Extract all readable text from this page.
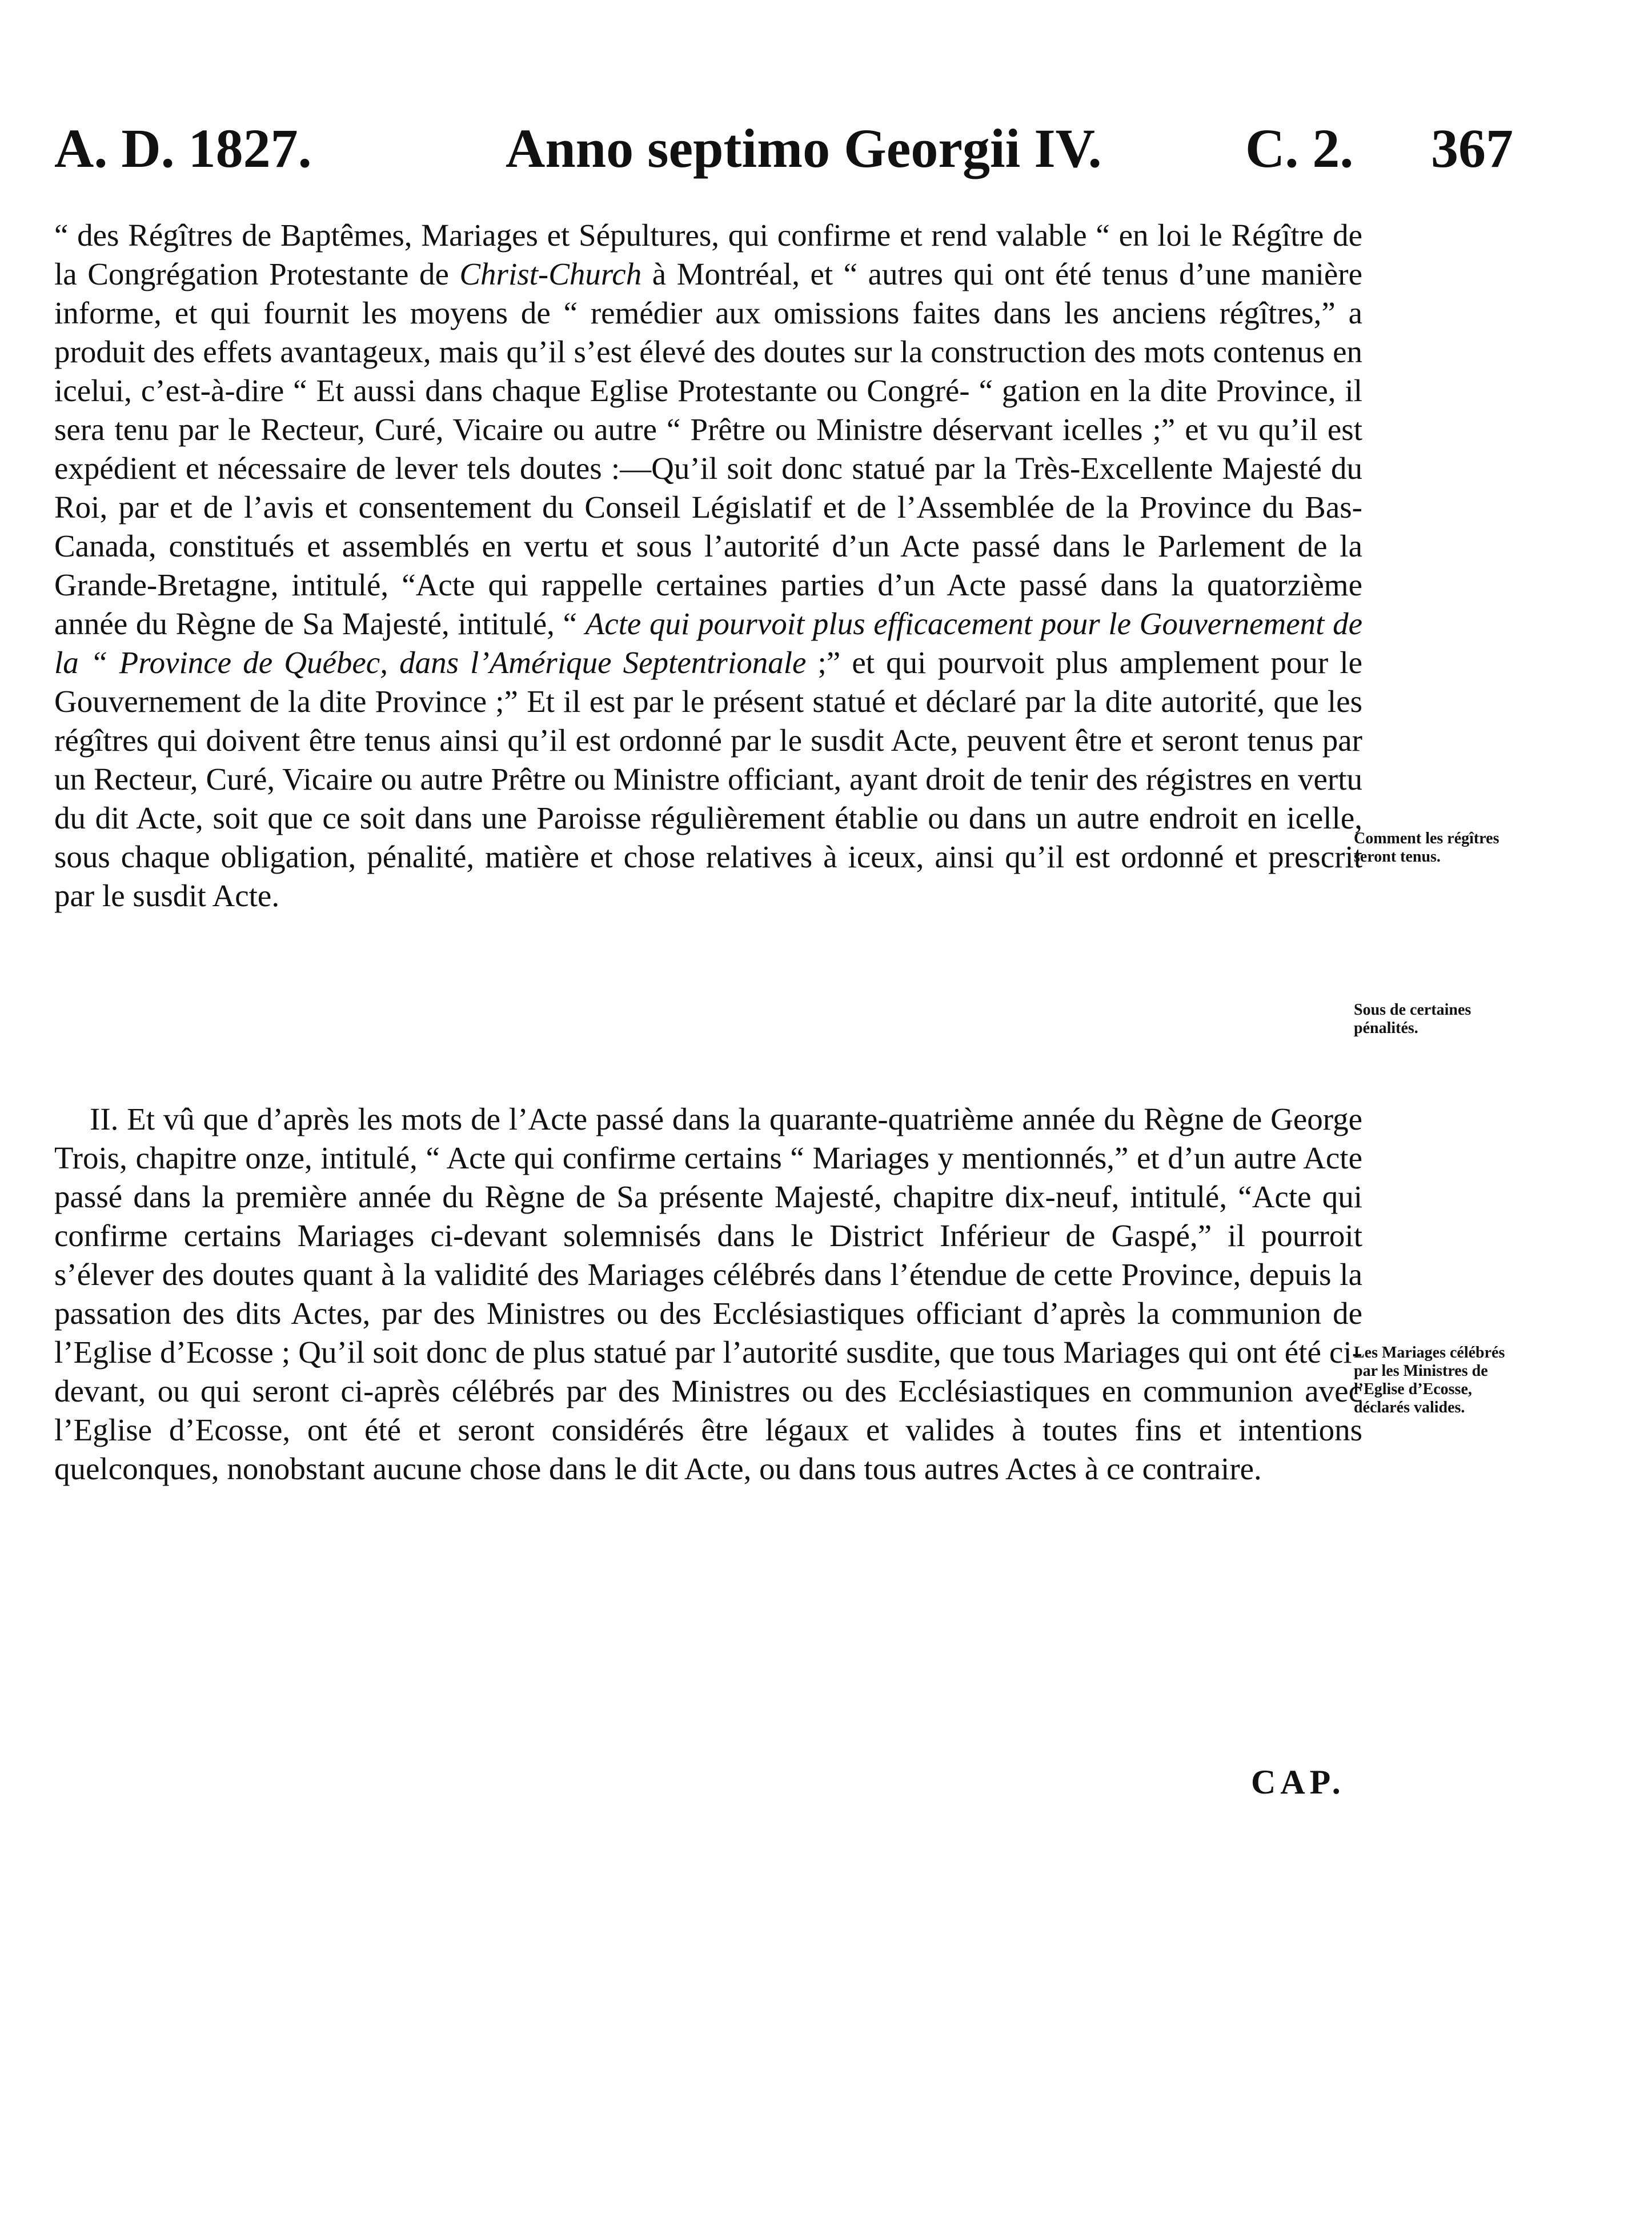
A. D. 1827.	Anno septimo Georgii IV.	C. 2. 367

“ des Régîtres de Baptêmes, Mariages et Sépultures, qui confirme et rend valable “ en loi le Régître de la Congrégation Protestante de Christ-Church à Montréal, et “ autres qui ont été tenus d’une manière informe, et qui fournit les moyens de “ remédier aux omissions faites dans les anciens régîtres,” a produit des effets avantageux, mais qu’il s’est élevé des doutes sur la construction des mots contenus en icelui, c’est-à-dire “ Et aussi dans chaque Eglise Protestante ou Congré- “ gation en la dite Province, il sera tenu par le Recteur, Curé, Vicaire ou autre “ Prêtre ou Ministre déservant icelles ;” et vu qu’il est expédient et nécessaire de lever tels doutes :—Qu’il soit donc statué par la Très-Excellente Majesté du Roi, par et de l’avis et consentement du Conseil Législatif et de l’Assemblée de la Province du Bas-Canada, constitués et assemblés en vertu et sous l’autorité d’un Acte passé dans le Parlement de la Grande-Bretagne, intitulé, “Acte qui rappelle certaines parties d’un Acte passé dans la quatorzième année du Règne de Sa Majesté, intitulé, “ Acte qui pourvoit plus efficacement pour le Gouvernement de la “ Province de Québec, dans l’Amérique Septentrionale ;” et qui pourvoit plus amplement pour le Gouvernement de la dite Province ;” Et il est par le présent statué et déclaré par la dite autorité, que les régîtres qui doivent être tenus ainsi qu’il est ordonné par le susdit Acte, peuvent être et seront tenus par un Recteur, Curé, Vicaire ou autre Prêtre ou Ministre officiant, ayant droit de tenir des régistres en vertu du dit Acte, soit que ce soit dans une Paroisse régulièrement établie ou dans un autre endroit en icelle, sous chaque obligation, pénalité, matière et chose relatives à iceux, ainsi qu’il est ordonné et prescrit par le susdit Acte.

II. Et vû que d’après les mots de l’Acte passé dans la quarante-quatrième année du Règne de George Trois, chapitre onze, intitulé, “ Acte qui confirme certains “ Mariages y mentionnés,” et d’un autre Acte passé dans la première année du Règne de Sa présente Majesté, chapitre dix-neuf, intitulé, “Acte qui confirme certains Mariages ci-devant solemnisés dans le District Inférieur de Gaspé,” il pourroit s’élever des doutes quant à la validité des Mariages célébrés dans l’étendue de cette Province, depuis la passation des dits Actes, par des Ministres ou des Ecclésiastiques officiant d’après la communion de l’Eglise d’Ecosse ; Qu’il soit donc de plus statué par l’autorité susdite, que tous Mariages qui ont été ci-devant, ou qui seront ci-après célébrés par des Ministres ou des Ecclésiastiques en communion avec l’Eglise d’Ecosse, ont été et seront considérés être légaux et valides à toutes fins et intentions quelconques, nonobstant aucune chose dans le dit Acte, ou dans tous autres Actes à ce contraire.

Comment les régîtres seront tenus.
Sous de certaines pénalités.
Les Mariages célébrés par les Ministres de l’Eglise d’Ecosse, déclarés valides.
CAP.
